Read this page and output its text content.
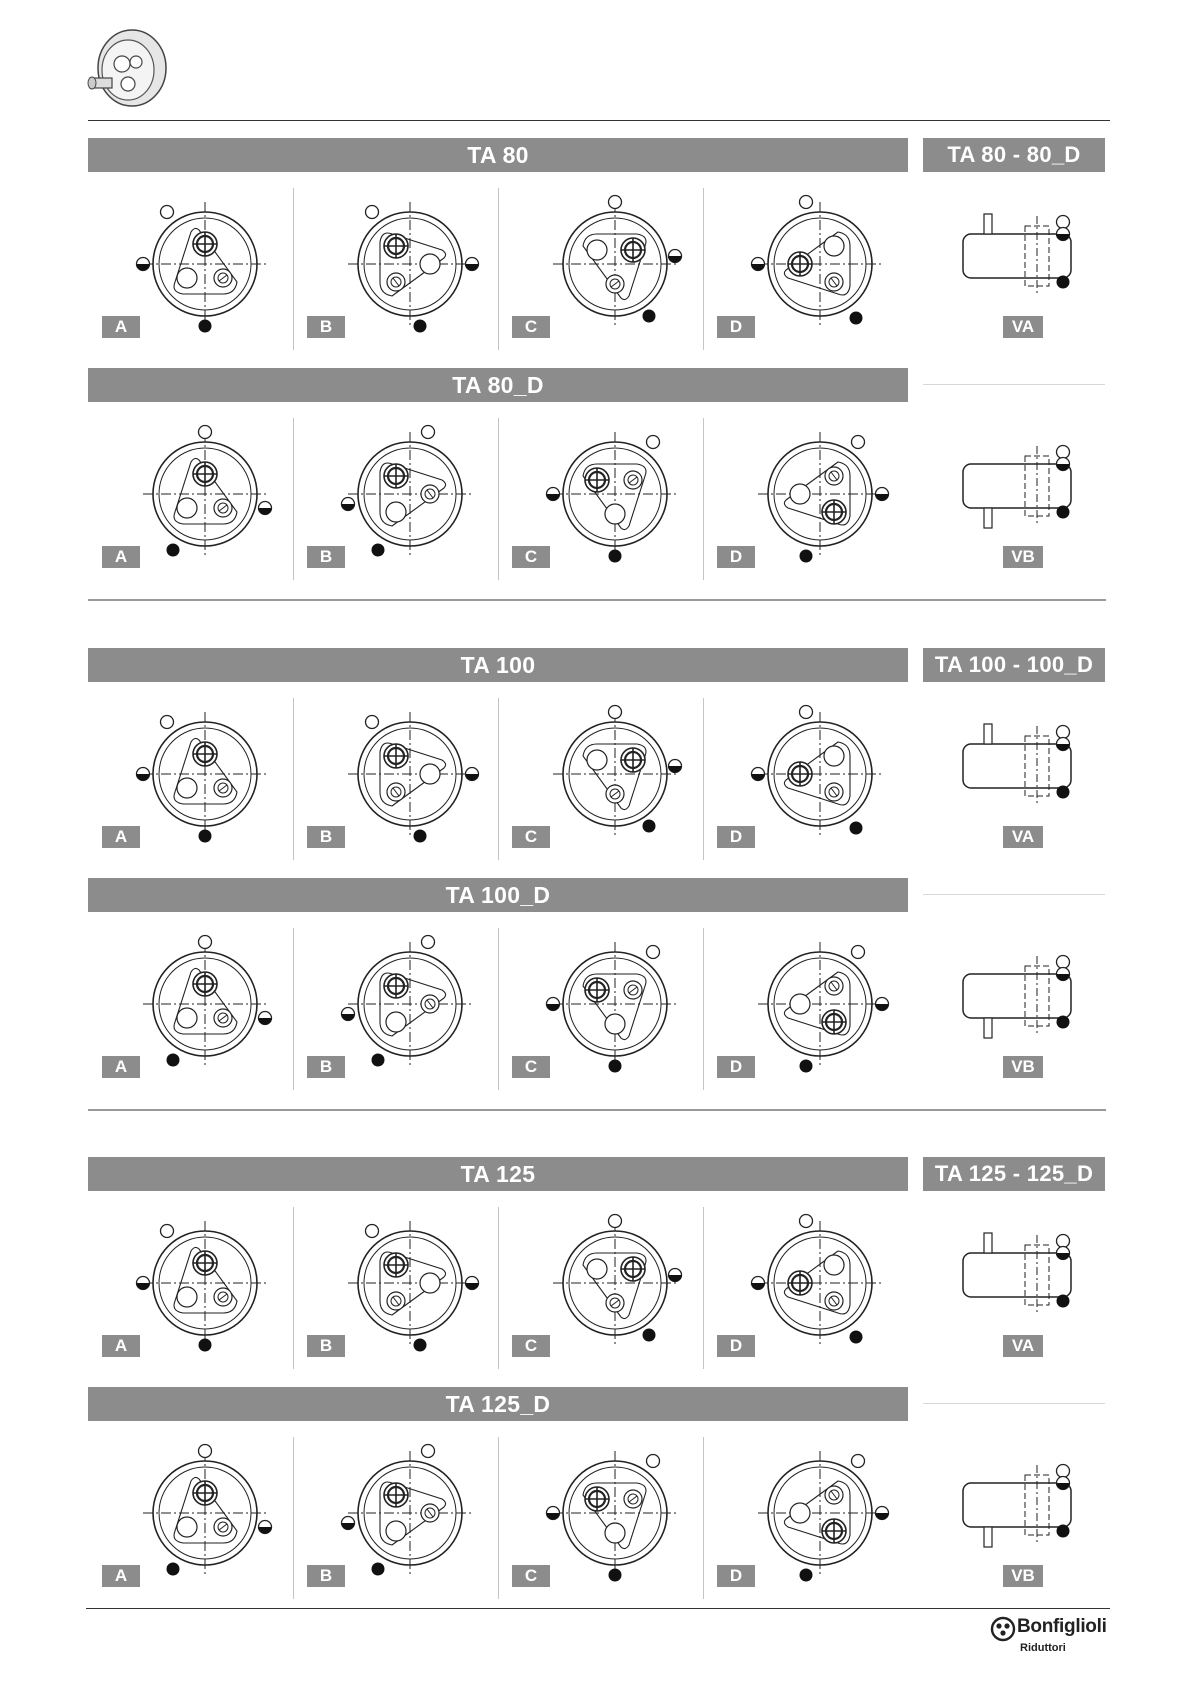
Bonfiglioli
Riduttori
TA 80	TA 80 - 80_D
A	B	C	D	VA
TA 80_D
A	B	C	D	VB
TA 100	TA 100 - 100_D
A	B	C	D	VA
TA 100_D
A	B	C	D	VB
TA 125	TA 125 - 125_D
A	B	C	D	VA
TA 125_D
A	B	C	D	VB
